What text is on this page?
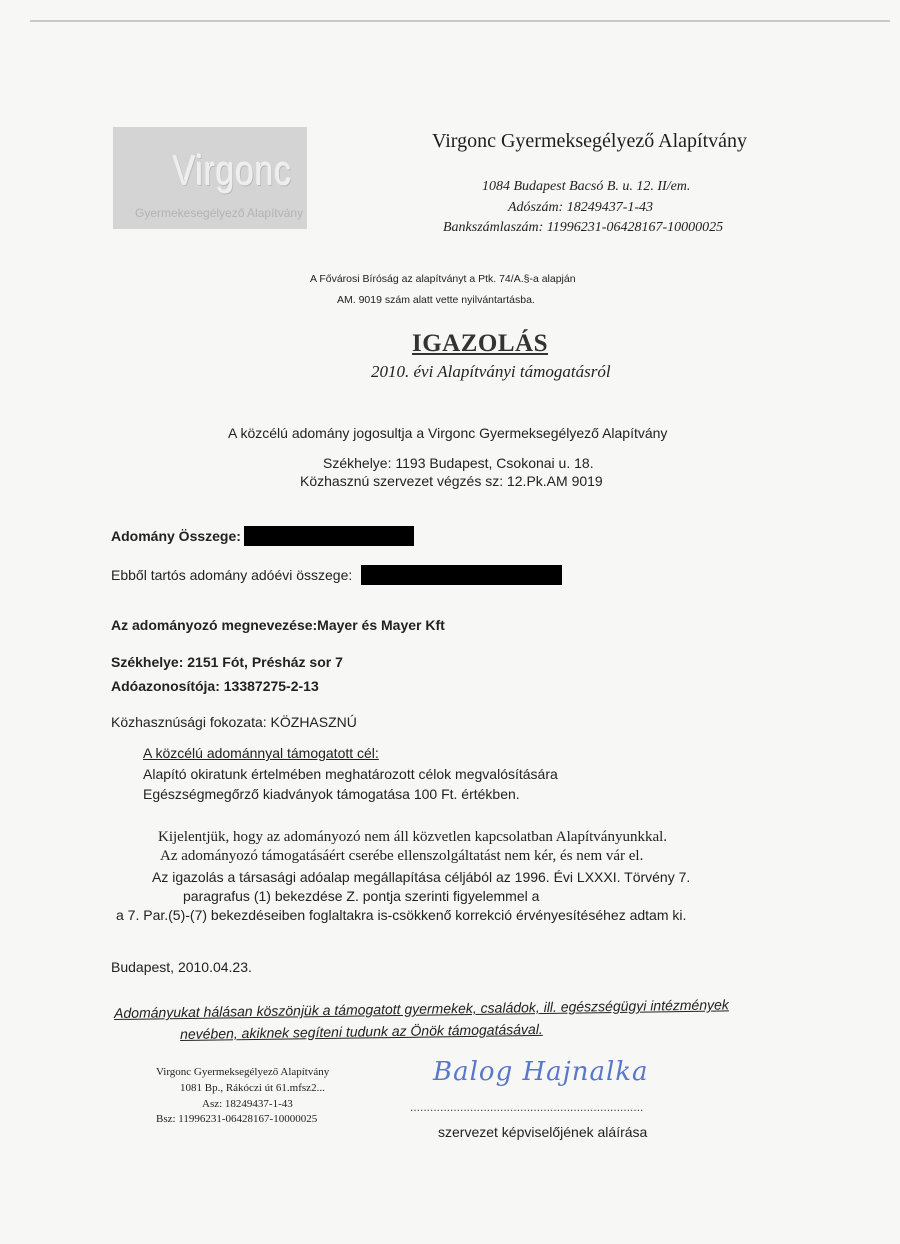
Virgonc
Gyermekesegélyező Alapítvány
Virgonc Gyermeksegélyező Alapítvány
1084 Budapest Bacsó B. u. 12. II/em.
Adószám: 18249437-1-43
Bankszámlaszám: 11996231-06428167-10000025
A Fővárosi Bíróság az alapítványt a Ptk. 74/A.§-a alapján
AM. 9019 szám alatt vette nyilvántartásba.
IGAZOLÁS
2010. évi Alapítványi támogatásról
A közcélú adomány jogosultja a Virgonc Gyermeksegélyező Alapítvány
Székhelye: 1193 Budapest, Csokonai u. 18.
Közhasznú szervezet végzés sz: 12.Pk.AM 9019
Adomány Összege:
Ebből tartós adomány adóévi összege:
Az adományozó megnevezése:Mayer és Mayer Kft
Székhelye: 2151 Fót, Présház sor 7
Adóazonosítója: 13387275-2-13
Közhasznúsági fokozata: KÖZHASZNÚ
A közcélú adománnyal támogatott cél:
Alapító okiratunk értelmében meghatározott célok megvalósítására
Egészségmegőrző kiadványok támogatása 100 Ft. értékben.
Kijelentjük, hogy az adományozó nem áll közvetlen kapcsolatban Alapítványunkkal.
Az adományozó támogatásáért cserébe ellenszolgáltatást nem kér, és nem vár el.
Az igazolás a társasági adóalap megállapítása céljából az 1996. Évi LXXXI. Törvény 7.
paragrafus (1) bekezdése Z. pontja szerinti figyelemmel a
a 7. Par.(5)-(7) bekezdéseiben foglaltakra is-csökkenő korrekció érvényesítéséhez adtam ki.
Budapest, 2010.04.23.
Adományukat hálásan köszönjük a támogatott gyermekek, családok, ill. egészségügyi intézmények
nevében, akiknek segíteni tudunk az Önök támogatásával.
Virgonc Gyermeksegélyező Alapítvány
1081 Bp., Rákóczi út 61.mfsz2...
Asz: 18249437-1-43
Bsz: 11996231-06428167-10000025
Balog Hajnalka
......................................................................
szervezet képviselőjének aláírása
